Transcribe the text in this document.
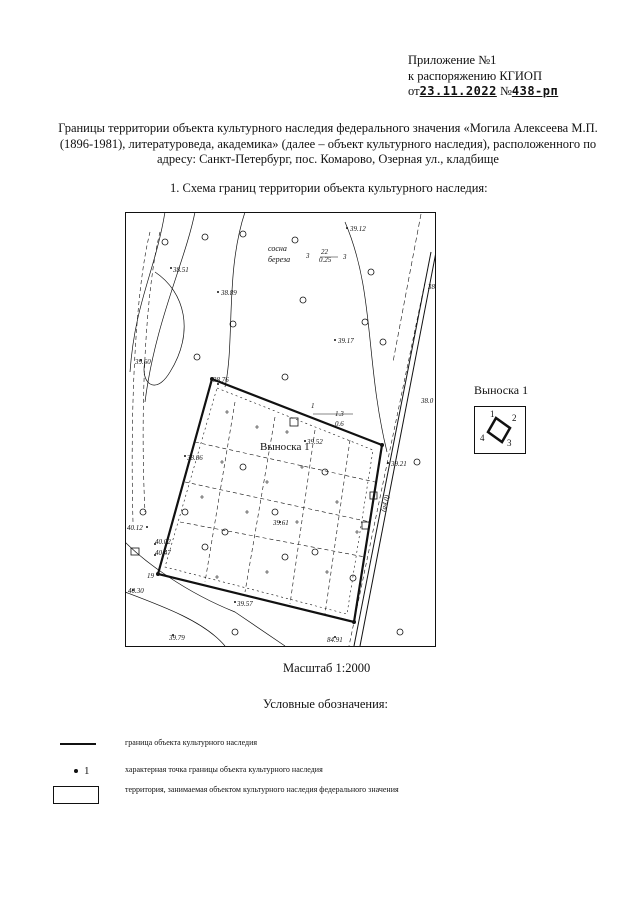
Приложение №1
к распоряжению КГИОП
от23.11.2022 №438-рп
Границы территории объекта культурного наследия федерального значения «Могила Алексеева М.П. (1896-1981), литературоведа, академика» (далее – объект культурного наследия), расположенного по адресу: Санкт-Петербург, пос. Комарово, Озерная ул., кладбище
1. Схема границ территории объекта культурного наследия:
39.12
38.51
38.89
39.17
39.60
38.76
38.86
39.52
39.21
39.61
40.12
40.02
40.47
40.30
39.57
39.79	84.91
38.0
38
сосна
береза 3 22
0.25 3
1.3
0.6
(а4.0)
1
19
Выноска 1
Выноска 1
1 2
3
4
Масштаб 1:2000
Условные обозначения:
граница объекта культурного наследия
1	характерная точка границы объекта культурного наследия
территория, занимаемая объектом культурного наследия федерального значения
